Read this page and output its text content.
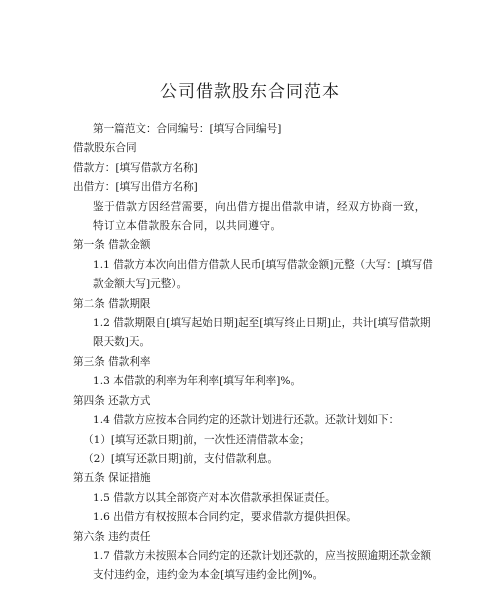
公司借款股东合同范本

第一篇范文：合同编号：[填写合同编号]

借款股东合同

借款方：[填写借款方名称]

出借方：[填写出借方名称]

鉴于借款方因经营需要，向出借方提出借款申请，经双方协商一致，特订立本借款股东合同，以共同遵守。

第一条 借款金额

1.1 借款方本次向出借方借款人民币[填写借款金额]元整（大写：[填写借款金额大写]元整）。

第二条 借款期限

1.2 借款期限自[填写起始日期]起至[填写终止日期]止，共计[填写借款期限天数]天。

第三条 借款利率

1.3 本借款的利率为年利率[填写年利率]%。

第四条 还款方式

1.4 借款方应按本合同约定的还款计划进行还款。还款计划如下：

（1）[填写还款日期]前，一次性还清借款本金；

（2）[填写还款日期]前，支付借款利息。

第五条 保证措施

1.5 借款方以其全部资产对本次借款承担保证责任。

1.6 出借方有权按照本合同约定，要求借款方提供担保。

第六条 违约责任

1.7 借款方未按照本合同约定的还款计划还款的，应当按照逾期还款金额支付违约金，违约金为本金[填写违约金比例]%。
